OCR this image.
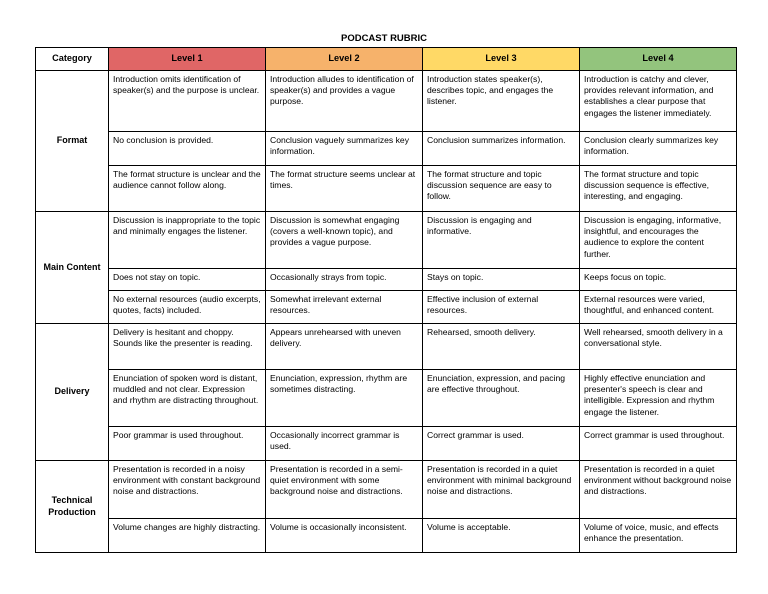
PODCAST RUBRIC
Category	Level 1	Level 2	Level 3	Level 4
Format	Introduction omits identification of speaker(s) and the purpose is unclear.	Introduction alludes to identification of speaker(s) and provides a vague purpose.	Introduction states speaker(s), describes topic, and engages the listener.	Introduction is catchy and clever, provides relevant information, and establishes a clear purpose that engages the listener immediately.
	No conclusion is provided.	Conclusion vaguely summarizes key information.	Conclusion summarizes information.	Conclusion clearly summarizes key information.
	The format structure is unclear and the audience cannot follow along.	The format structure seems unclear at times.	The format structure and topic discussion sequence are easy to follow.	The format structure and topic discussion sequence is effective, interesting, and engaging.
Main Content	Discussion is inappropriate to the topic and minimally engages the listener.	Discussion is somewhat engaging (covers a well-known topic), and provides a vague purpose.	Discussion is engaging and informative.	Discussion is engaging, informative, insightful, and encourages the audience to explore the content further.
	Does not stay on topic.	Occasionally strays from topic.	Stays on topic.	Keeps focus on topic.
	No external resources (audio excerpts, quotes, facts) included.	Somewhat irrelevant external resources.	Effective inclusion of external resources.	External resources were varied, thoughtful, and enhanced content.
Delivery	Delivery is hesitant and choppy. Sounds like the presenter is reading.	Appears unrehearsed with uneven delivery.	Rehearsed, smooth delivery.	Well rehearsed, smooth delivery in a conversational style.
	Enunciation of spoken word is distant, muddled and not clear. Expression and rhythm are distracting throughout.	Enunciation, expression, rhythm are sometimes distracting.	Enunciation, expression, and pacing are effective throughout.	Highly effective enunciation and presenter's speech is clear and intelligible. Expression and rhythm engage the listener.
	Poor grammar is used throughout.	Occasionally incorrect grammar is used.	Correct grammar is used.	Correct grammar is used throughout.
Technical Production	Presentation is recorded in a noisy environment with constant background noise and distractions.	Presentation is recorded in a semi-quiet environment with some background noise and distractions.	Presentation is recorded in a quiet environment with minimal background noise and distractions.	Presentation is recorded in a quiet environment without background noise and distractions.
	Volume changes are highly distracting.	Volume is occasionally inconsistent.	Volume is acceptable.	Volume of voice, music, and effects enhance the presentation.
